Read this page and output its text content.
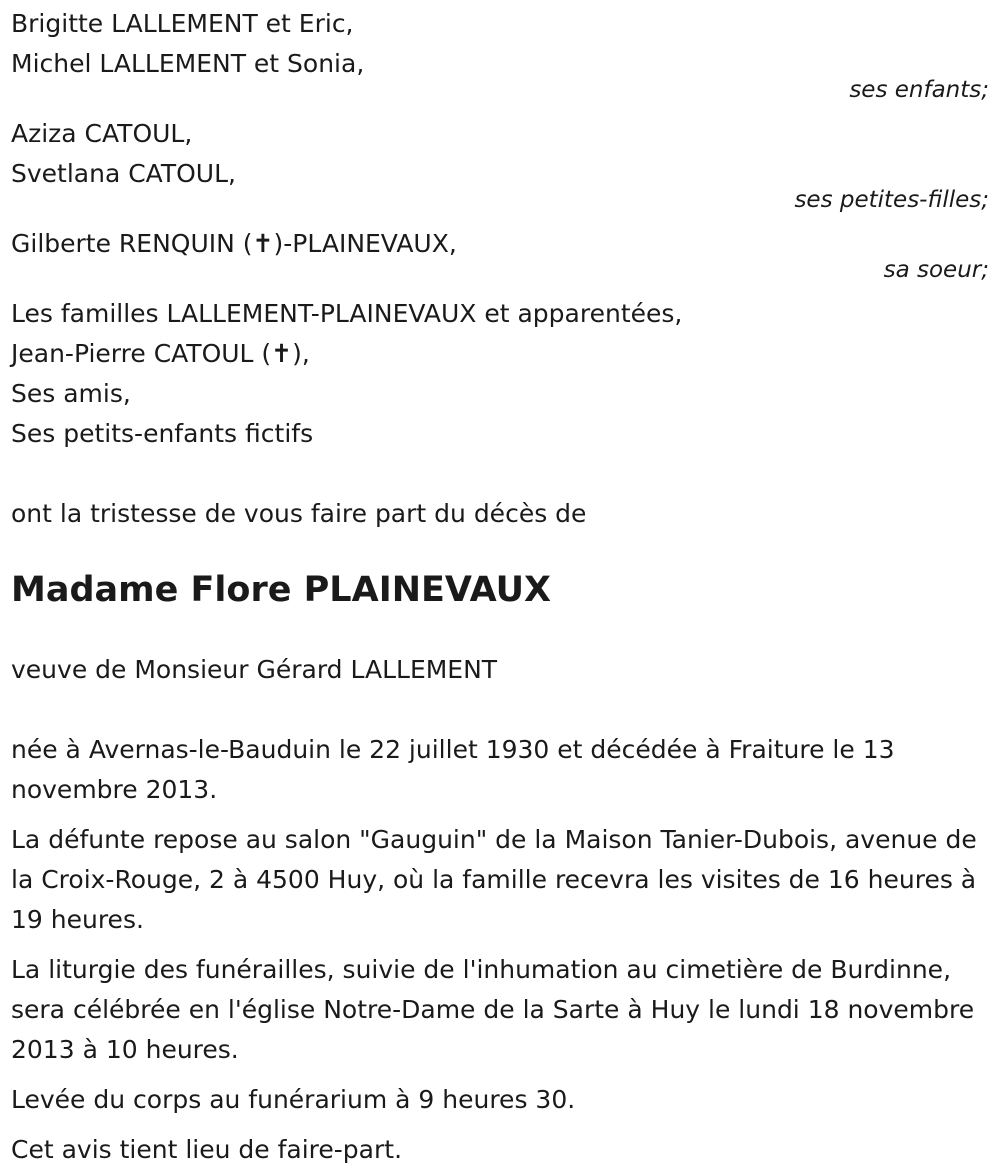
Brigitte LALLEMENT et Eric,
Michel LALLEMENT et Sonia,
ses enfants;
Aziza CATOUL,
Svetlana CATOUL,
ses petites-filles;
Gilberte RENQUIN (✝)-PLAINEVAUX,
sa soeur;
Les familles LALLEMENT-PLAINEVAUX et apparentées,
Jean-Pierre CATOUL (✝),
Ses amis,
Ses petits-enfants fictifs

ont la tristesse de vous faire part du décès de

Madame Flore PLAINEVAUX

veuve de Monsieur Gérard LALLEMENT

née à Avernas-le-Bauduin le 22 juillet 1930 et décédée à Fraiture le 13 novembre 2013.

La défunte repose au salon "Gauguin" de la Maison Tanier-Dubois, avenue de la Croix-Rouge, 2 à 4500 Huy, où la famille recevra les visites de 16 heures à 19 heures.

La liturgie des funérailles, suivie de l'inhumation au cimetière de Burdinne, sera célébrée en l'église Notre-Dame de la Sarte à Huy le lundi 18 novembre 2013 à 10 heures.

Levée du corps au funérarium à 9 heures 30.

Cet avis tient lieu de faire-part.
